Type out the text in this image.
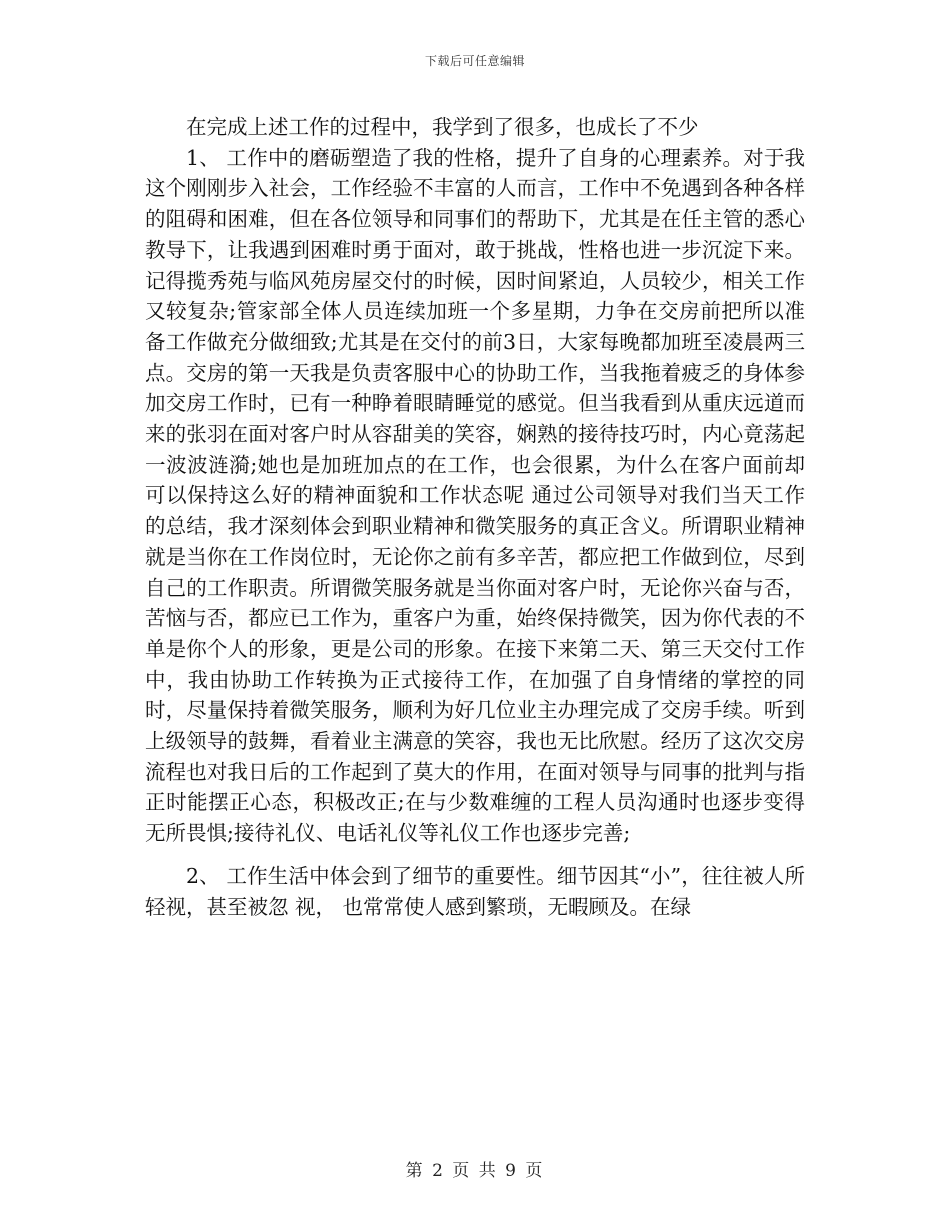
下载后可任意编辑

在完成上述工作的过程中，我学到了很多，也成长了不少

1、 工作中的磨砺塑造了我的性格，提升了自身的心理素养。对于我这个刚刚步入社会，工作经验不丰富的人而言，工作中不免遇到各种各样的阻碍和困难，但在各位领导和同事们的帮助下，尤其是在任主管的悉心教导下，让我遇到困难时勇于面对，敢于挑战，性格也进一步沉淀下来。记得揽秀苑与临风苑房屋交付的时候，因时间紧迫，人员较少，相关工作又较复杂;管家部全体人员连续加班一个多星期，力争在交房前把所以准备工作做充分做细致;尤其是在交付的前3日，大家每晚都加班至凌晨两三点。交房的第一天我是负责客服中心的协助工作，当我拖着疲乏的身体参加交房工作时，已有一种睁着眼睛睡觉的感觉。但当我看到从重庆远道而来的张羽在面对客户时从容甜美的笑容，娴熟的接待技巧时，内心竟荡起一波波涟漪;她也是加班加点的在工作，也会很累，为什么在客户面前却可以保持这么好的精神面貌和工作状态呢 通过公司领导对我们当天工作的总结，我才深刻体会到职业精神和微笑服务的真正含义。所谓职业精神就是当你在工作岗位时，无论你之前有多辛苦，都应把工作做到位，尽到自己的工作职责。所谓微笑服务就是当你面对客户时，无论你兴奋与否，苦恼与否，都应已工作为，重客户为重，始终保持微笑，因为你代表的不单是你个人的形象，更是公司的形象。在接下来第二天、第三天交付工作中，我由协助工作转换为正式接待工作，在加强了自身情绪的掌控的同时，尽量保持着微笑服务，顺利为好几位业主办理完成了交房手续。听到上级领导的鼓舞，看着业主满意的笑容，我也无比欣慰。经历了这次交房流程也对我日后的工作起到了莫大的作用，在面对领导与同事的批判与指正时能摆正心态，积极改正;在与少数难缠的工程人员沟通时也逐步变得无所畏惧;接待礼仪、电话礼仪等礼仪工作也逐步完善;

2、 工作生活中体会到了细节的重要性。细节因其“小”，往往被人所轻视，甚至被忽 视， 也常常使人感到繁琐，无暇顾及。在绿

第 2 页 共 9 页
